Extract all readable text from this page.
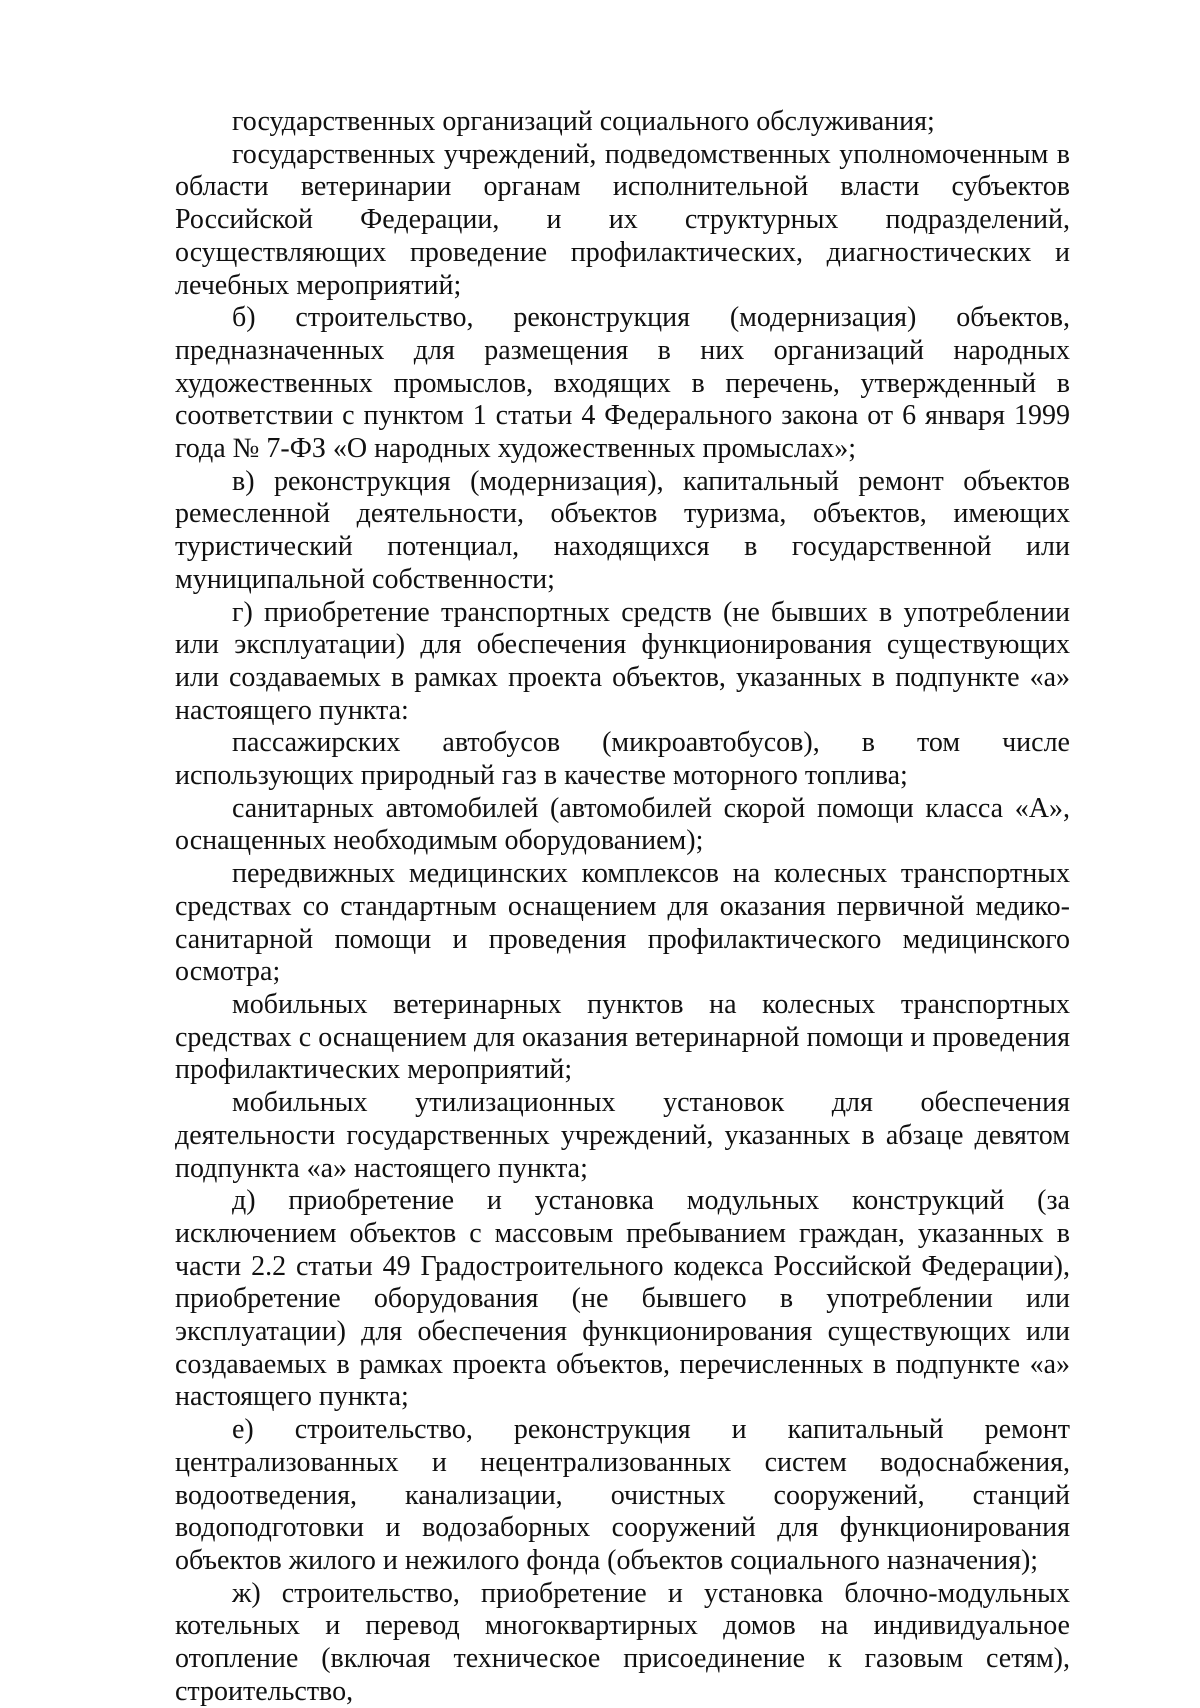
государственных организаций социального обслуживания;

государственных учреждений, подведомственных уполномоченным в области ветеринарии органам исполнительной власти субъектов Российской Федерации, и их структурных подразделений, осуществляющих проведение профилактических, диагностических и лечебных мероприятий;

б) строительство, реконструкция (модернизация) объектов, предназначенных для размещения в них организаций народных художественных промыслов, входящих в перечень, утвержденный в соответствии с пунктом 1 статьи 4 Федерального закона от 6 января 1999 года № 7-ФЗ «О народных художественных промыслах»;

в) реконструкция (модернизация), капитальный ремонт объектов ремесленной деятельности, объектов туризма, объектов, имеющих туристический потенциал, находящихся в государственной или муниципальной собственности;

г) приобретение транспортных средств (не бывших в употреблении или эксплуатации) для обеспечения функционирования существующих или создаваемых в рамках проекта объектов, указанных в подпункте «а» настоящего пункта:

пассажирских автобусов (микроавтобусов), в том числе использующих природный газ в качестве моторного топлива;

санитарных автомобилей (автомобилей скорой помощи класса «А», оснащенных необходимым оборудованием);

передвижных медицинских комплексов на колесных транспортных средствах со стандартным оснащением для оказания первичной медико-санитарной помощи и проведения профилактического медицинского осмотра;

мобильных ветеринарных пунктов на колесных транспортных средствах с оснащением для оказания ветеринарной помощи и проведения профилактических мероприятий;

мобильных утилизационных установок для обеспечения деятельности государственных учреждений, указанных в абзаце девятом подпункта «а» настоящего пункта;

д) приобретение и установка модульных конструкций (за исключением объектов с массовым пребыванием граждан, указанных в части 2.2 статьи 49 Градостроительного кодекса Российской Федерации), приобретение оборудования (не бывшего в употреблении или эксплуатации) для обеспечения функционирования существующих или создаваемых в рамках проекта объектов, перечисленных в подпункте «а» настоящего пункта;

е) строительство, реконструкция и капитальный ремонт централизованных и нецентрализованных систем водоснабжения, водоотведения, канализации, очистных сооружений, станций водоподготовки и водозаборных сооружений для функционирования объектов жилого и нежилого фонда (объектов социального назначения);

ж) строительство, приобретение и установка блочно-модульных котельных и перевод многоквартирных домов на индивидуальное отопление (включая техническое присоединение к газовым сетям), строительство,
